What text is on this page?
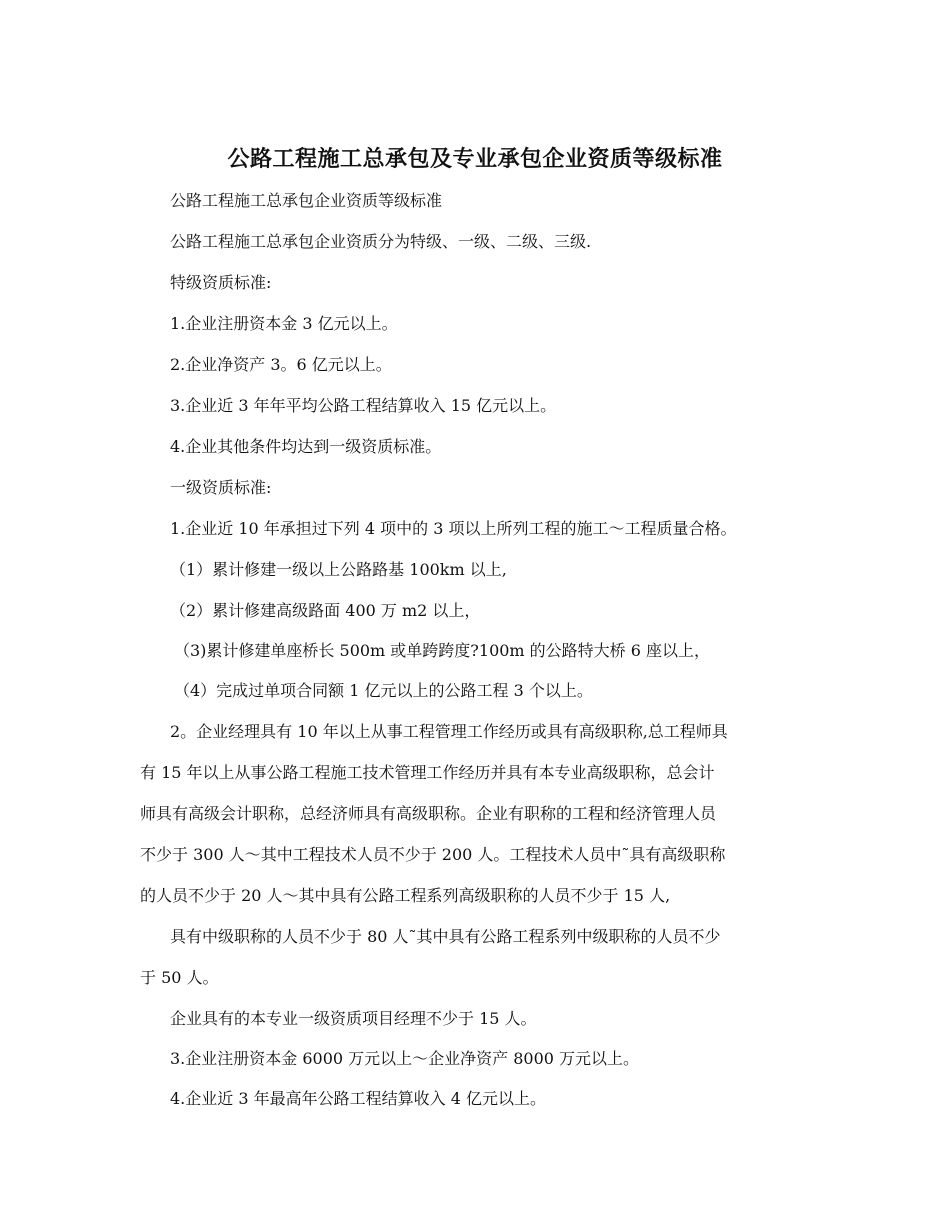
公路工程施工总承包及专业承包企业资质等级标准
公路工程施工总承包企业资质等级标准
公路工程施工总承包企业资质分为特级、一级、二级、三级.
特级资质标准:
1.企业注册资本金 3 亿元以上。
2.企业净资产 3。6 亿元以上。
3.企业近 3 年年平均公路工程结算收入 15 亿元以上。
4.企业其他条件均达到一级资质标准。
一级资质标准:
1.企业近 10 年承担过下列 4 项中的 3 项以上所列工程的施工～工程质量合格。
（1）累计修建一级以上公路路基 100km 以上,
（2）累计修建高级路面 400 万 m2 以上，
（3)累计修建单座桥长 500m 或单跨跨度?100m 的公路特大桥 6 座以上，
（4）完成过单项合同额 1 亿元以上的公路工程 3 个以上。
2。企业经理具有 10 年以上从事工程管理工作经历或具有高级职称,总工程师具
有 15 年以上从事公路工程施工技术管理工作经历并具有本专业高级职称，总会计
师具有高级会计职称，总经济师具有高级职称。企业有职称的工程和经济管理人员
不少于 300 人～其中工程技术人员不少于 200 人。工程技术人员中˜具有高级职称
的人员不少于 20 人～其中具有公路工程系列高级职称的人员不少于 15 人,
具有中级职称的人员不少于 80 人˜其中具有公路工程系列中级职称的人员不少
于 50 人。
企业具有的本专业一级资质项目经理不少于 15 人。
3.企业注册资本金 6000 万元以上～企业净资产 8000 万元以上。
4.企业近 3 年最高年公路工程结算收入 4 亿元以上。
